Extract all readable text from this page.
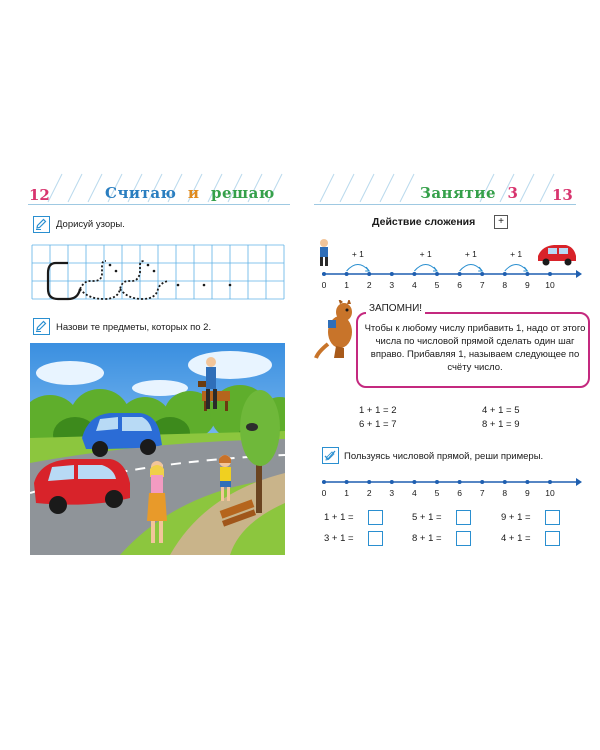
12	Считаю и решаю
Дорисуй узоры.
Назови те предметы, которых по 2.
Занятие 3 13
Действие сложения	+
+ 1	+ 1	+ 1	+ 1
0 1 2 3 4 5 6 7 8 9 10
ЗАПОМНИ!
Чтобы к любому числу прибавить 1, надо от этого числа по числовой прямой сделать один шаг вправо. Прибавляя 1, называем следующее по счёту число.
1 + 1 = 2	4 + 1 = 5
6 + 1 = 7	8 + 1 = 9
Пользуясь числовой прямой, реши примеры.
0 1 2 3 4 5 6 7 8 9 10
1 + 1 =	5 + 1 =	9 + 1 =
3 + 1 =	8 + 1 =	4 + 1 =
